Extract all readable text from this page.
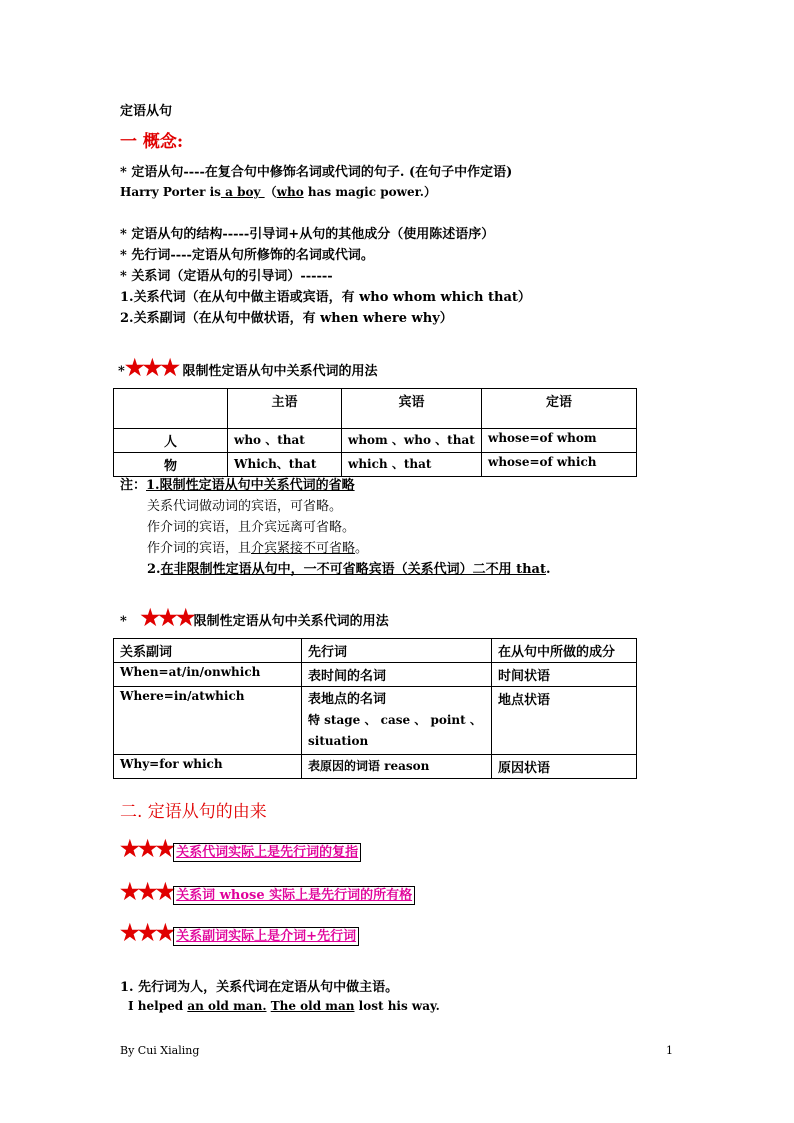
定语从句
一 概念:
* 定语从句----在复合句中修饰名词或代词的句子. (在句子中作定语)
Harry Porter is a boy （who has magic power.）
* 定语从句的结构-----引导词+从句的其他成分（使用陈述语序）
* 先行词----定语从句所修饰的名词或代词。
* 关系词（定语从句的引导词）------
1.关系代词（在从句中做主语或宾语，有 who whom which that）
2.关系副词（在从句中做状语，有 when where why）
*★★★ 限制性定语从句中关系代词的用法
	主语	宾语	定语
人	who 、that	whom 、who 、that	whose=of whom
物	Which、that	which 、that	whose=of which
注：1.限制性定语从句中关系代词的省略
关系代词做动词的宾语，可省略。
作介词的宾语，且介宾远离可省略。
作介词的宾语，且介宾紧接不可省略。
2.在非限制性定语从句中，一不可省略宾语（关系代词）二不用 that.
* ★★★限制性定语从句中关系代词的用法
关系副词	先行词	在从句中所做的成分
When=at/in/onwhich	表时间的名词	时间状语
Where=in/atwhich	表地点的名词
特 stage 、 case 、 point 、
situation	地点状语
Why=for which	表原因的词语 reason	原因状语
二. 定语从句的由来
★★★ 关系代词实际上是先行词的复指
★★★ 关系词 whose 实际上是先行词的所有格
★★★ 关系副词实际上是介词+先行词
1. 先行词为人，关系代词在定语从句中做主语。
I helped an old man. The old man lost his way.
By Cui Xialing	1
